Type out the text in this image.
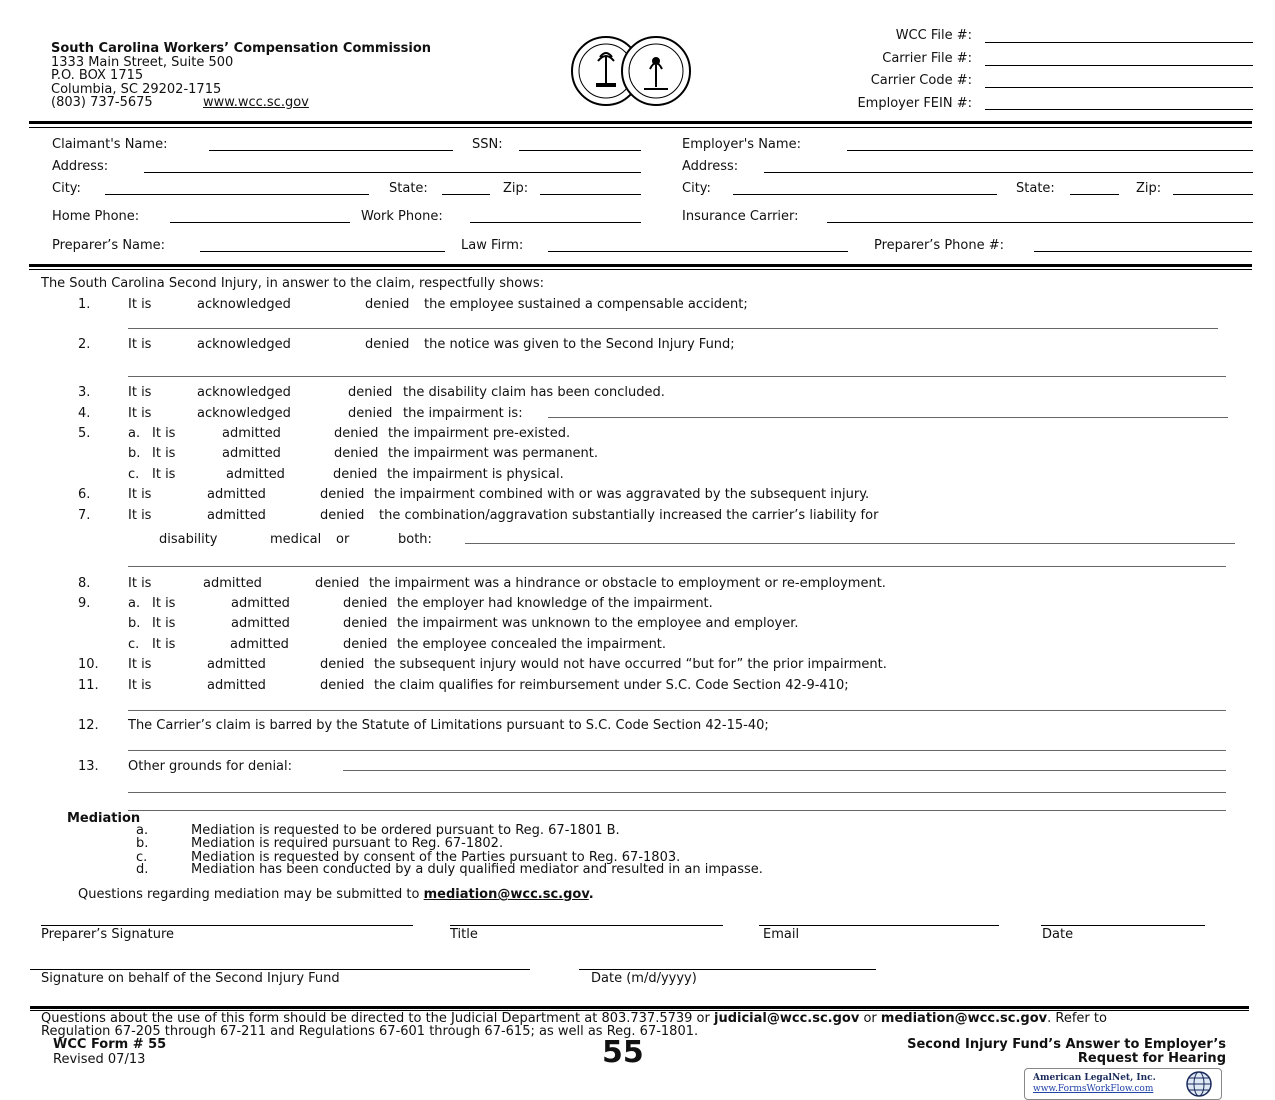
South Carolina Workers’ Compensation Commission
1333 Main Street, Suite 500
P.O. BOX 1715
Columbia, SC 29202-1715
(803) 737-5675	www.wcc.sc.gov
WCC File #:
Carrier File #:
Carrier Code #:
Employer FEIN #:
Claimant's Name:	SSN:
Address:
City:	State:	Zip:
Home Phone:	Work Phone:
Preparer’s Name:	Law Firm:	Preparer’s Phone #:
Employer's Name:
Address:
City:	State:	Zip:
Insurance Carrier:
The South Carolina Second Injury, in answer to the claim, respectfully shows:
1.	It is	acknowledged	denied the employee sustained a compensable accident;
2.	It is	acknowledged	denied the notice was given to the Second Injury Fund;
3.	It is	acknowledged	denied the disability claim has been concluded.
4.	It is	acknowledged	denied the impairment is:
5.	a. It is	admitted	denied the impairment pre-existed.
b. It is	admitted	denied the impairment was permanent.
c. It is	admitted	denied the impairment is physical.
6.	It is	admitted	denied the impairment combined with or was aggravated by the subsequent injury.
7.	It is	admitted	denied the combination/aggravation substantially increased the carrier’s liability for
disability	medical or	both:
8.	It is	admitted	denied the impairment was a hindrance or obstacle to employment or re-employment.
9.	a. It is	admitted	denied the employer had knowledge of the impairment.
b. It is	admitted	denied the impairment was unknown to the employee and employer.
c. It is	admitted	denied the employee concealed the impairment.
10. It is	admitted	denied the subsequent injury would not have occurred “but for” the prior impairment.
11. It is	admitted	denied the claim qualifies for reimbursement under S.C. Code Section 42-9-410;
12. The Carrier’s claim is barred by the Statute of Limitations pursuant to S.C. Code Section 42-15-40;
13. Other grounds for denial:
Mediation
a.	Mediation is requested to be ordered pursuant to Reg. 67-1801 B.
b.	Mediation is required pursuant to Reg. 67-1802.
c.	Mediation is requested by consent of the Parties pursuant to Reg. 67-1803.
d.	Mediation has been conducted by a duly qualified mediator and resulted in an impasse.
Questions regarding mediation may be submitted to mediation@wcc.sc.gov.
Preparer’s Signature	Title	Email	Date
Signature on behalf of the Second Injury Fund	Date (m/d/yyyy)
Questions about the use of this form should be directed to the Judicial Department at 803.737.5739 or judicial@wcc.sc.gov or mediation@wcc.sc.gov. Refer to
Regulation 67-205 through 67-211 and Regulations 67-601 through 67-615; as well as Reg. 67-1801.
WCC Form # 55
Revised 07/13	55	Second Injury Fund’s Answer to Employer’s
Request for Hearing
American LegalNet, Inc.
www.FormsWorkFlow.com
